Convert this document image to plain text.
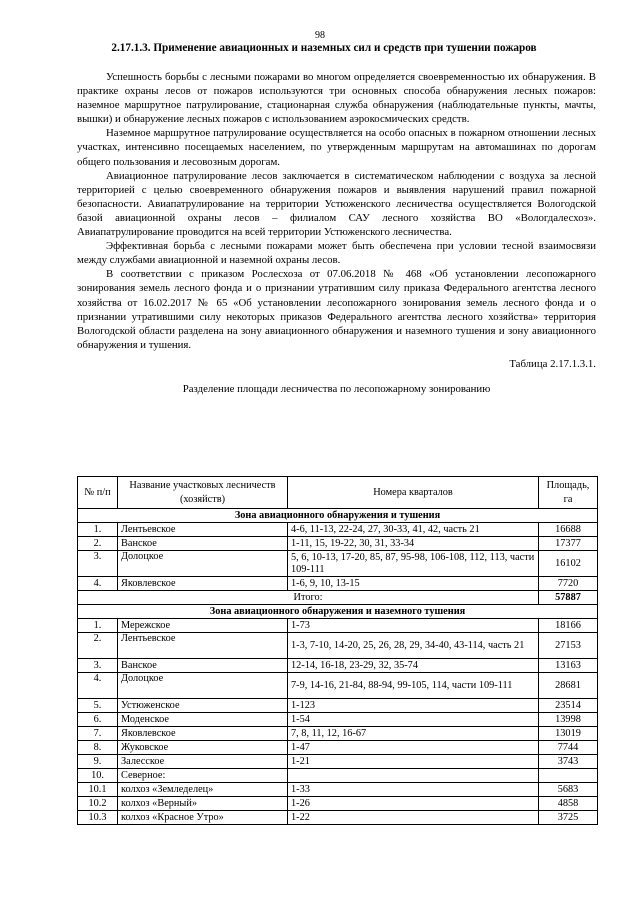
98
2.17.1.3. Применение авиационных и наземных сил и средств при тушении пожаров

Успешность борьбы с лесными пожарами во многом определяется своевременностью их обнаружения. В практике охраны лесов от пожаров используются три основных способа обнаружения лесных пожаров: наземное маршрутное патрулирование, стационарная служба обнаружения (наблюдательные пункты, мачты, вышки) и обнаружение лесных пожаров с использованием аэрокосмических средств.

Наземное маршрутное патрулирование осуществляется на особо опасных в пожарном отношении лесных участках, интенсивно посещаемых населением, по утвержденным маршрутам на автомашинах по дорогам общего пользования и лесовозным дорогам.

Авиационное патрулирование лесов заключается в систематическом наблюдении с воздуха за лесной территорией с целью своевременного обнаружения пожаров и выявления нарушений правил пожарной безопасности. Авиапатрулирование на территории Устюженского лесничества осуществляется Вологодской базой авиационной охраны лесов – филиалом САУ лесного хозяйства ВО «Вологдалесхоз». Авиапатрулирование проводится на всей территории Устюженского лесничества.

Эффективная борьба с лесными пожарами может быть обеспечена при условии тесной взаимосвязи между службами авиационной и наземной охраны лесов.

В соответствии с приказом Рослесхоза от 07.06.2018 № 468 «Об установлении лесопожарного зонирования земель лесного фонда и о признании утратившим силу приказа Федерального агентства лесного хозяйства от 16.02.2017 № 65 «Об установлении лесопожарного зонирования земель лесного фонда и о признании утратившими силу некоторых приказов Федерального агентства лесного хозяйства» территория Вологодской области разделена на зону авиационного обнаружения и наземного тушения и зону авиационного обнаружения и тушения.

Таблица 2.17.1.3.1.
Разделение площади лесничества по лесопожарному зонированию
№ п/п	Название участковых лесничеств (хозяйств)	Номера кварталов	Площадь, га
Зона авиационного обнаружения и тушения			
1.	Лентьевское	4-6, 11-13, 22-24, 27, 30-33, 41, 42, часть 21	16688
2.	Ванское	1-11, 15, 19-22, 30, 31, 33-34	17377
3.	Долоцкое	5, 6, 10-13, 17-20, 85, 87, 95-98, 106-108, 112, 113, части 109-111	16102
4.	Яковлевское	1-6, 9, 10, 13-15	7720
Итого:			57887
Зона авиационного обнаружения и наземного тушения			
1.	Мережское	1-73	18166
2.	Лентьевское	1-3, 7-10, 14-20, 25, 26, 28, 29, 34-40, 43-114, часть 21	27153
3.	Ванское	12-14, 16-18, 23-29, 32, 35-74	13163
4.	Долоцкое	7-9, 14-16, 21-84, 88-94, 99-105, 114, части 109-111	28681
5.	Устюженское	1-123	23514
6.	Моденское	1-54	13998
7.	Яковлевское	7, 8, 11, 12, 16-67	13019
8.	Жуковское	1-47	7744
9.	Залесское	1-21	3743
10.	Северное:		
10.1	колхоз «Земледелец»	1-33	5683
10.2	колхоз «Верный»	1-26	4858
10.3	колхоз «Красное Утро»	1-22	3725
